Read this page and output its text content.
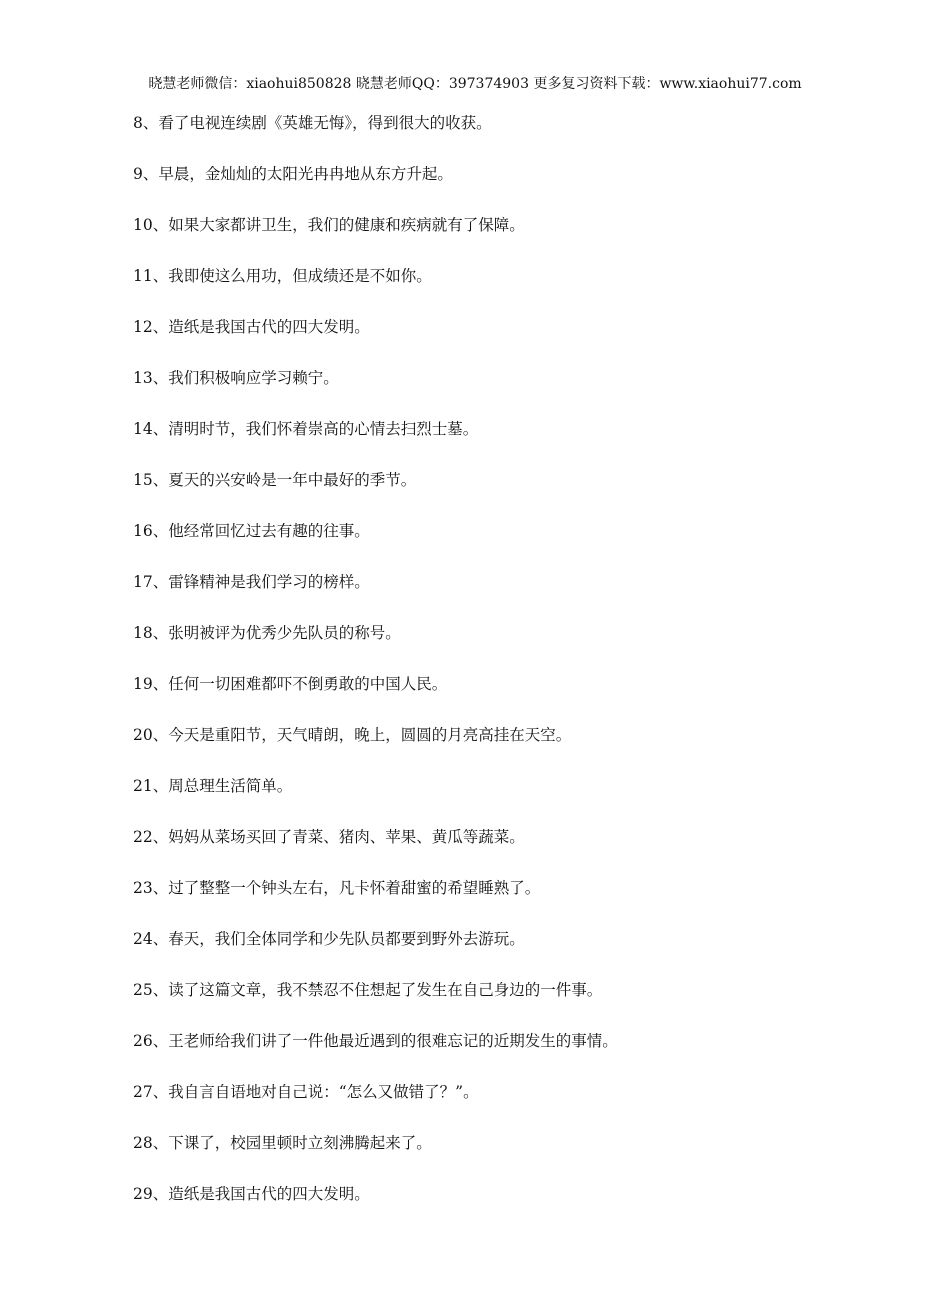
晓慧老师微信：xiaohui850828 晓慧老师QQ：397374903 更多复习资料下载：www.xiaohui77.com
8、看了电视连续剧《英雄无悔》，得到很大的收获。
9、早晨，金灿灿的太阳光冉冉地从东方升起。
10、如果大家都讲卫生，我们的健康和疾病就有了保障。
11、我即使这么用功，但成绩还是不如你。
12、造纸是我国古代的四大发明。
13、我们积极响应学习赖宁。
14、清明时节，我们怀着崇高的心情去扫烈士墓。
15、夏天的兴安岭是一年中最好的季节。
16、他经常回忆过去有趣的往事。
17、雷锋精神是我们学习的榜样。
18、张明被评为优秀少先队员的称号。
19、任何一切困难都吓不倒勇敢的中国人民。
20、今天是重阳节，天气晴朗，晚上，圆圆的月亮高挂在天空。
21、周总理生活简单。
22、妈妈从菜场买回了青菜、猪肉、苹果、黄瓜等蔬菜。
23、过了整整一个钟头左右，凡卡怀着甜蜜的希望睡熟了。
24、春天，我们全体同学和少先队员都要到野外去游玩。
25、读了这篇文章，我不禁忍不住想起了发生在自己身边的一件事。
26、王老师给我们讲了一件他最近遇到的很难忘记的近期发生的事情。
27、我自言自语地对自己说：“怎么又做错了？”。
28、下课了，校园里顿时立刻沸腾起来了。
29、造纸是我国古代的四大发明。
